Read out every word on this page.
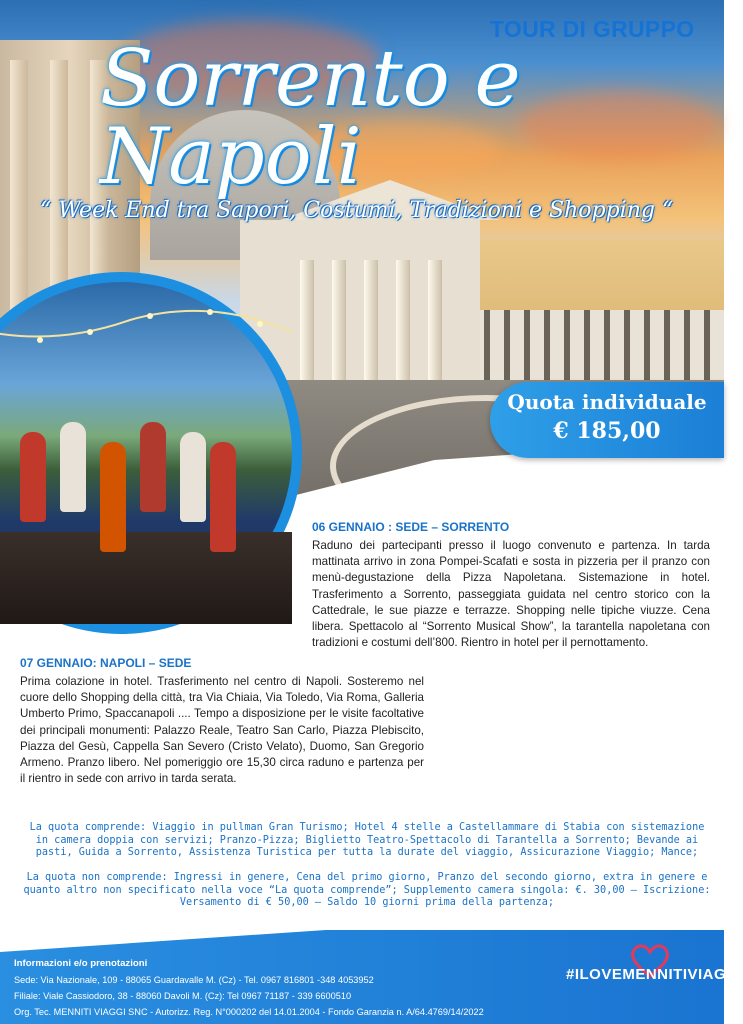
TOUR DI GRUPPO
Sorrento e Napoli
“ Week End tra Sapori, Costumi, Tradizioni e Shopping “
Quota individuale
€ 185,00
06 GENNAIO : SEDE – SORRENTO
Raduno dei partecipanti presso il luogo convenuto e partenza. In tarda mattinata arrivo in zona Pompei-Scafati e sosta in pizzeria per il pranzo con menù-degustazione della Pizza Napoletana. Sistemazione in hotel. Trasferimento a Sorrento, passeggiata guidata nel centro storico con la Cattedrale, le sue piazze e terrazze. Shopping nelle tipiche viuzze. Cena libera. Spettacolo al “Sorrento Musical Show”, la tarantella napoletana con tradizioni e costumi dell’800. Rientro in hotel per il pernottamento.
07 GENNAIO: NAPOLI – SEDE
Prima colazione in hotel. Trasferimento nel centro di Napoli. Sosteremo nel cuore dello Shopping della città, tra Via Chiaia, Via Toledo, Via Roma, Galleria Umberto Primo, Spaccanapoli .... Tempo a disposizione per le visite facoltative dei principali monumenti: Palazzo Reale, Teatro San Carlo, Piazza Plebiscito, Piazza del Gesù, Cappella San Severo (Cristo Velato), Duomo, San Gregorio Armeno. Pranzo libero. Nel pomeriggio ore 15,30 circa raduno e partenza per il rientro in sede con arrivo in tarda serata.
La quota comprende: Viaggio in pullman Gran Turismo; Hotel 4 stelle a Castellammare di Stabia con sistemazione in camera doppia con servizi; Pranzo-Pizza; Biglietto Teatro-Spettacolo di Tarantella a Sorrento; Bevande ai pasti, Guida a Sorrento, Assistenza Turistica per tutta la durate del viaggio, Assicurazione Viaggio; Mance;
La quota non comprende: Ingressi in genere, Cena del primo giorno, Pranzo del secondo giorno, extra in genere e quanto altro non specificato nella voce “La quota comprende”; Supplemento camera singola: €. 30,00 – Iscrizione: Versamento di € 50,00 – Saldo 10 giorni prima della partenza;
Informazioni e/o prenotazioni
Sede: Via Nazionale, 109 - 88065 Guardavalle M. (Cz) - Tel. 0967 816801 -348 4053952
Filiale: Viale Cassiodoro, 38 - 88060 Davoli M. (Cz): Tel 0967 71187 - 339 6600510
Org. Tec. MENNITI VIAGGI SNC - Autorizz. Reg. N°000202 del 14.01.2004 - Fondo Garanzia n. A/64.4769/14/2022
#ILOVEMENNITIVIAGGI
